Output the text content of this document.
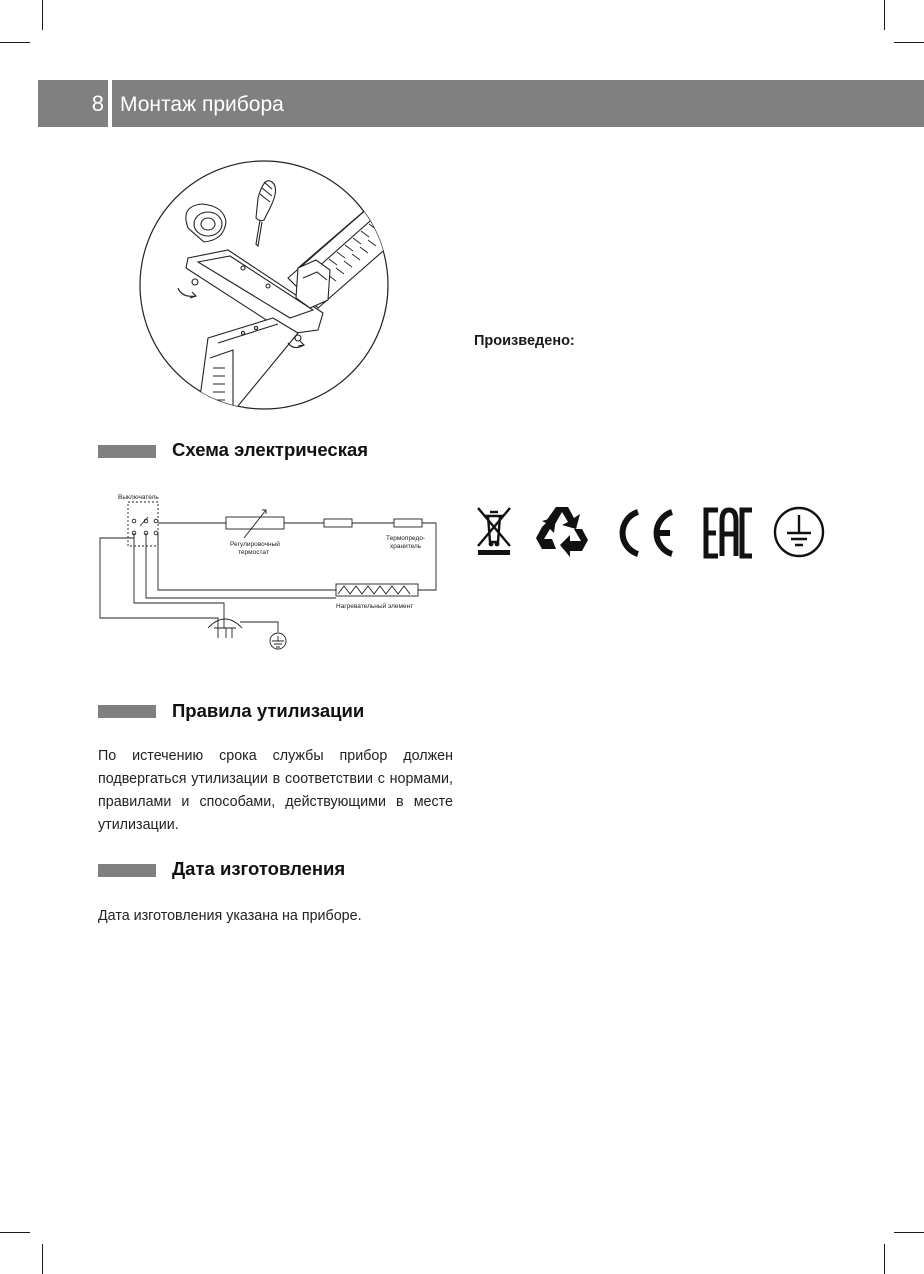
8 Монтаж прибора
Произведено:
Схема электрическая
Выключатель
Регулировочный
термостат
Термопредо-
хранитель
Нагревательный элемент
Правила утилизации
По истечению срока службы прибор должен подвергаться утилизации в соответствии с нормами, правилами и способами, действующими в месте утилизации.
Дата изготовления
Дата изготовления указана на приборе.
